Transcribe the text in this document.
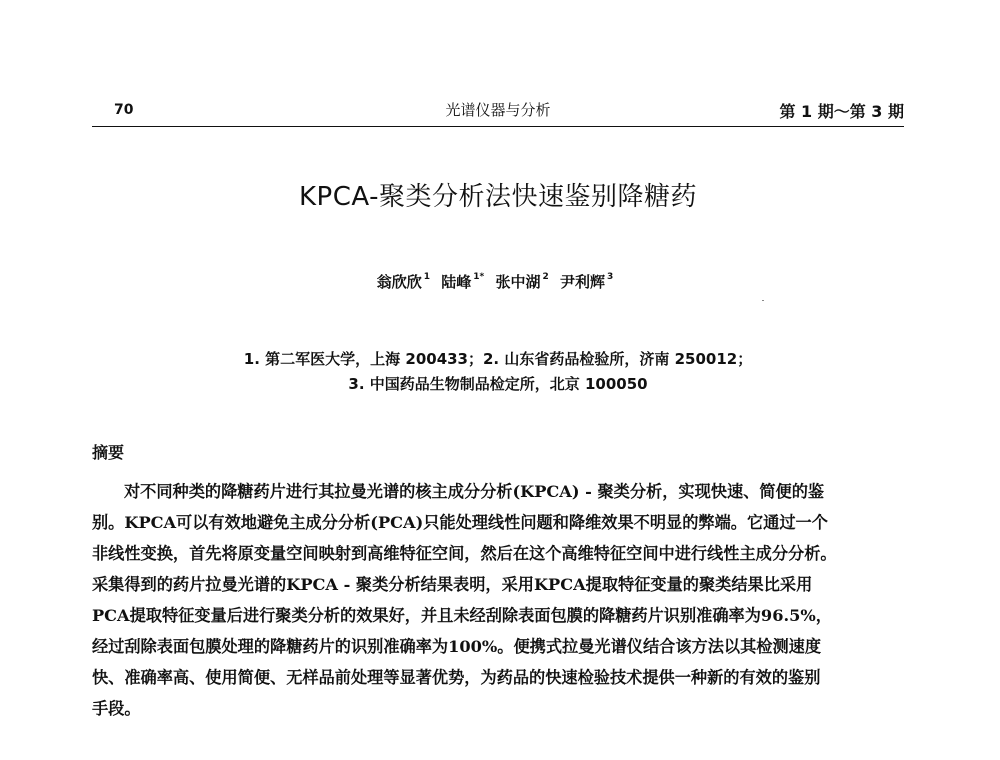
70	光谱仪器与分析	第 1 期～第 3 期
KPCA-聚类分析法快速鉴别降糖药
翁欣欣 $^1$ 陆峰 $^{1*}$ 张中湖 $^2$ 尹利辉 $^3$
1. 第二军医大学，上海 200433；2. 山东省药品检验所，济南 250012；
3. 中国药品生物制品检定所，北京 100050
摘要
对不同种类的降糖药片进行其拉曼光谱的核主成分分析(KPCA) - 聚类分析，实现快速、简便的鉴
别。KPCA可以有效地避免主成分分析(PCA)只能处理线性问题和降维效果不明显的弊端。它通过一个
非线性变换，首先将原变量空间映射到高维特征空间，然后在这个高维特征空间中进行线性主成分分析。
采集得到的药片拉曼光谱的KPCA - 聚类分析结果表明，采用KPCA提取特征变量的聚类结果比采用
PCA提取特征变量后进行聚类分析的效果好，并且未经刮除表面包膜的降糖药片识别准确率为96.5%，
经过刮除表面包膜处理的降糖药片的识别准确率为100%。便携式拉曼光谱仪结合该方法以其检测速度
快、准确率高、使用简便、无样品前处理等显著优势，为药品的快速检验技术提供一种新的有效的鉴别
手段。
